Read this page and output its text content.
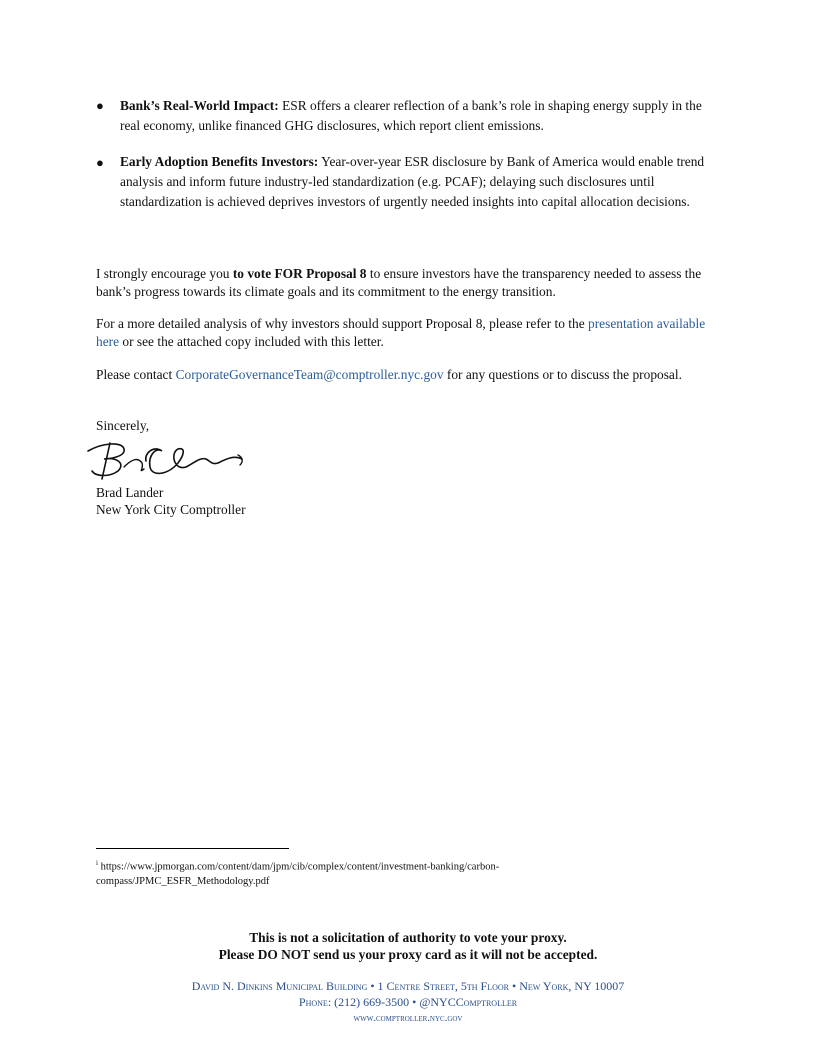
● Bank’s Real-World Impact: ESR offers a clearer reflection of a bank’s role in shaping energy supply in the real economy, unlike financed GHG disclosures, which report client emissions.
● Early Adoption Benefits Investors: Year-over-year ESR disclosure by Bank of America would enable trend analysis and inform future industry-led standardization (e.g. PCAF); delaying such disclosures until standardization is achieved deprives investors of urgently needed insights into capital allocation decisions.
I strongly encourage you to vote FOR Proposal 8 to ensure investors have the transparency needed to assess the bank’s progress towards its climate goals and its commitment to the energy transition.
For a more detailed analysis of why investors should support Proposal 8, please refer to the presentation available here or see the attached copy included with this letter.
Please contact CorporateGovernanceTeam@comptroller.nyc.gov for any questions or to discuss the proposal.
Sincerely,
Brad Lander
New York City Comptroller
$^i$ https://www.jpmorgan.com/content/dam/jpm/cib/complex/content/investment-banking/carbon-compass/JPMC_ESFR_Methodology.pdf
This is not a solicitation of authority to vote your proxy.
Please DO NOT send us your proxy card as it will not be accepted.
David N. Dinkins Municipal Building • 1 Centre Street, 5th Floor • New York, NY 10007
Phone: (212) 669-3500 • @NYCComptroller
www.comptroller.nyc.gov
